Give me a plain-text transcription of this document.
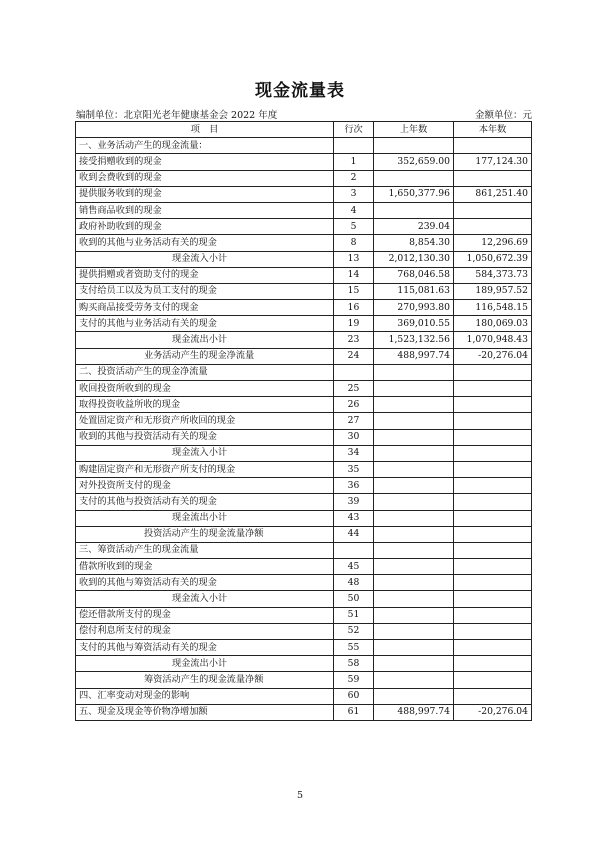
现金流量表
编制单位：北京阳光老年健康基金会 2022 年度	金额单位：元
项　目	行次	上年数	本年数
一、业务活动产生的现金流量：			
接受捐赠收到的现金	1	352,659.00	177,124.30
收到会费收到的现金	2		
提供服务收到的现金	3	1,650,377.96	861,251.40
销售商品收到的现金	4		
政府补助收到的现金	5	239.04	
收到的其他与业务活动有关的现金	8	8,854.30	12,296.69
现金流入小计	13	2,012,130.30	1,050,672.39
提供捐赠或者资助支付的现金	14	768,046.58	584,373.73
支付给员工以及为员工支付的现金	15	115,081.63	189,957.52
购买商品接受劳务支付的现金	16	270,993.80	116,548.15
支付的其他与业务活动有关的现金	19	369,010.55	180,069.03
现金流出小计	23	1,523,132.56	1,070,948.43
业务活动产生的现金净流量	24	488,997.74	-20,276.04
二、投资活动产生的现金净流量			
收回投资所收到的现金	25		
取得投资收益所收的现金	26		
处置固定资产和无形资产所收回的现金	27		
收到的其他与投资活动有关的现金	30		
现金流入小计	34		
购建固定资产和无形资产所支付的现金	35		
对外投资所支付的现金	36		
支付的其他与投资活动有关的现金	39		
现金流出小计	43		
投资活动产生的现金流量净额	44		
三、筹资活动产生的现金流量			
借款所收到的现金	45		
收到的其他与筹资活动有关的现金	48		
现金流入小计	50		
偿还借款所支付的现金	51		
偿付利息所支付的现金	52		
支付的其他与筹资活动有关的现金	55		
现金流出小计	58		
筹资活动产生的现金流量净额	59		
四、汇率变动对现金的影响	60		
五、现金及现金等价物净增加额	61	488,997.74	-20,276.04
5
